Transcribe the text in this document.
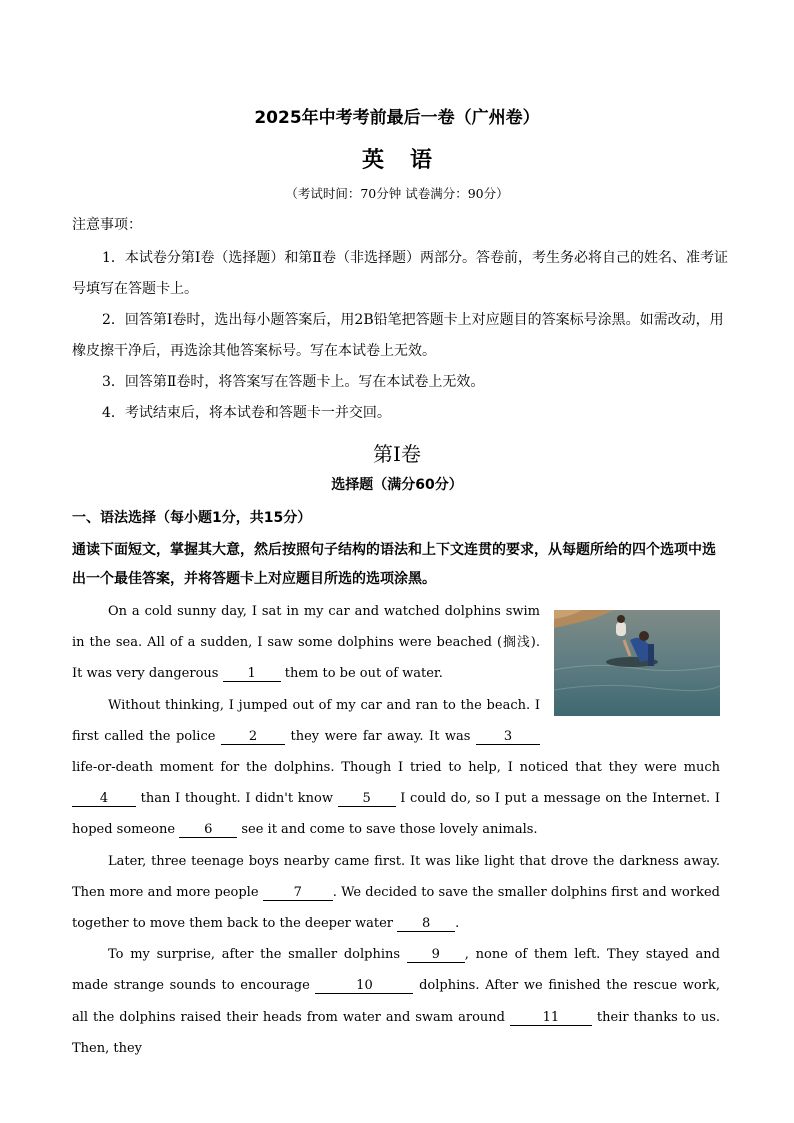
2025年中考考前最后一卷（广州卷）
英语
（考试时间：70分钟 试卷满分：90分）
注意事项：

1．本试卷分第Ⅰ卷（选择题）和第Ⅱ卷（非选择题）两部分。答卷前，考生务必将自己的姓名、准考证号填写在答题卡上。

2．回答第Ⅰ卷时，选出每小题答案后，用2B铅笔把答题卡上对应题目的答案标号涂黑。如需改动，用橡皮擦干净后，再选涂其他答案标号。写在本试卷上无效。

3．回答第Ⅱ卷时，将答案写在答题卡上。写在本试卷上无效。

4．考试结束后，将本试卷和答题卡一并交回。

第Ⅰ卷
选择题（满分60分）
一、语法选择（每小题1分，共15分）
通读下面短文，掌握其大意，然后按照句子结构的语法和上下文连贯的要求，从每题所给的四个选项中选出一个最佳答案，并将答题卡上对应题目所选的选项涂黑。

On a cold sunny day, I sat in my car and watched dolphins swim in the sea. All of a sudden, I saw some dolphins were beached (搁浅). It was very dangerous 1 them to be out of water.

Without thinking, I jumped out of my car and ran to the beach. I first called the police 2 they were far away. It was 3 life-or-death moment for the dolphins. Though I tried to help, I noticed that they were much 4 than I thought. I didn't know 5 I could do, so I put a message on the Internet. I hoped someone 6 see it and come to save those lovely animals.

Later, three teenage boys nearby came first. It was like light that drove the darkness away. Then more and more people 7 . We decided to save the smaller dolphins first and worked together to move them back to the deeper water 8 .

To my surprise, after the smaller dolphins 9 , none of them left. They stayed and made strange sounds to encourage	10	dolphins. After we finished the rescue work, all the dolphins raised their heads from water and swam around	11	their thanks to us. Then, they
